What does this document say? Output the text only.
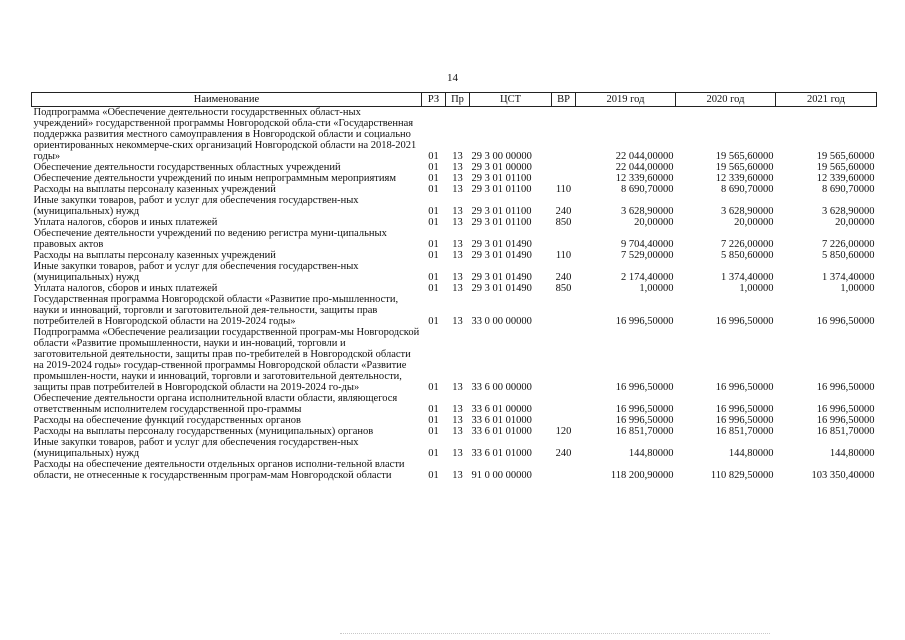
14
Наименование	РЗ	Пр	ЦСТ	ВР	2019 год	2020 год	2021 год
Подпрограмма «Обеспечение деятельности государственных област-ных учреждений» государственной программы Новгородской обла-сти «Государственная поддержка развития местного самоуправления в Новгородской области и социально ориентированных некоммерче-ских организаций Новгородской области на 2018-2021 годы»	01	13	29 3 00 00000		22 044,00000	19 565,60000	19 565,60000
Обеспечение деятельности государственных областных учреждений	01	13	29 3 01 00000		22 044,00000	19 565,60000	19 565,60000
Обеспечение деятельности учреждений по иным непрограммным мероприятиям	01	13	29 3 01 01100		12 339,60000	12 339,60000	12 339,60000
Расходы на выплаты персоналу казенных учреждений	01	13	29 3 01 01100	110	8 690,70000	8 690,70000	8 690,70000
Иные закупки товаров, работ и услуг для обеспечения государствен-ных (муниципальных) нужд	01	13	29 3 01 01100	240	3 628,90000	3 628,90000	3 628,90000
Уплата налогов, сборов и иных платежей	01	13	29 3 01 01100	850	20,00000	20,00000	20,00000
Обеспечение деятельности учреждений по ведению регистра муни-ципальных правовых актов	01	13	29 3 01 01490		9 704,40000	7 226,00000	7 226,00000
Расходы на выплаты персоналу казенных учреждений	01	13	29 3 01 01490	110	7 529,00000	5 850,60000	5 850,60000
Иные закупки товаров, работ и услуг для обеспечения государствен-ных (муниципальных) нужд	01	13	29 3 01 01490	240	2 174,40000	1 374,40000	1 374,40000
Уплата налогов, сборов и иных платежей	01	13	29 3 01 01490	850	1,00000	1,00000	1,00000
Государственная программа Новгородской области «Развитие про-мышленности, науки и инноваций, торговли и заготовительной дея-тельности, защиты прав потребителей в Новгородской области на 2019-2024 годы»	01	13	33 0 00 00000		16 996,50000	16 996,50000	16 996,50000
Подпрограмма «Обеспечение реализации государственной програм-мы Новгородской области «Развитие промышленности, науки и ин-новаций, торговли и заготовительной деятельности, защиты прав по-требителей в Новгородской области на 2019-2024 годы» государ-ственной программы Новгородской области «Развитие промышлен-ности, науки и инноваций, торговли и заготовительной деятельности, защиты прав потребителей в Новгородской области на 2019-2024 го-ды»	01	13	33 6 00 00000		16 996,50000	16 996,50000	16 996,50000
Обеспечение деятельности органа исполнительной власти области, являющегося ответственным исполнителем государственной про-граммы	01	13	33 6 01 00000		16 996,50000	16 996,50000	16 996,50000
Расходы на обеспечение функций государственных органов	01	13	33 6 01 01000		16 996,50000	16 996,50000	16 996,50000
Расходы на выплаты персоналу государственных (муниципальных) органов	01	13	33 6 01 01000	120	16 851,70000	16 851,70000	16 851,70000
Иные закупки товаров, работ и услуг для обеспечения государствен-ных (муниципальных) нужд	01	13	33 6 01 01000	240	144,80000	144,80000	144,80000
Расходы на обеспечение деятельности отдельных органов исполни-тельной власти области, не отнесенные к государственным програм-мам Новгородской области	01	13	91 0 00 00000		118 200,90000	110 829,50000	103 350,40000
